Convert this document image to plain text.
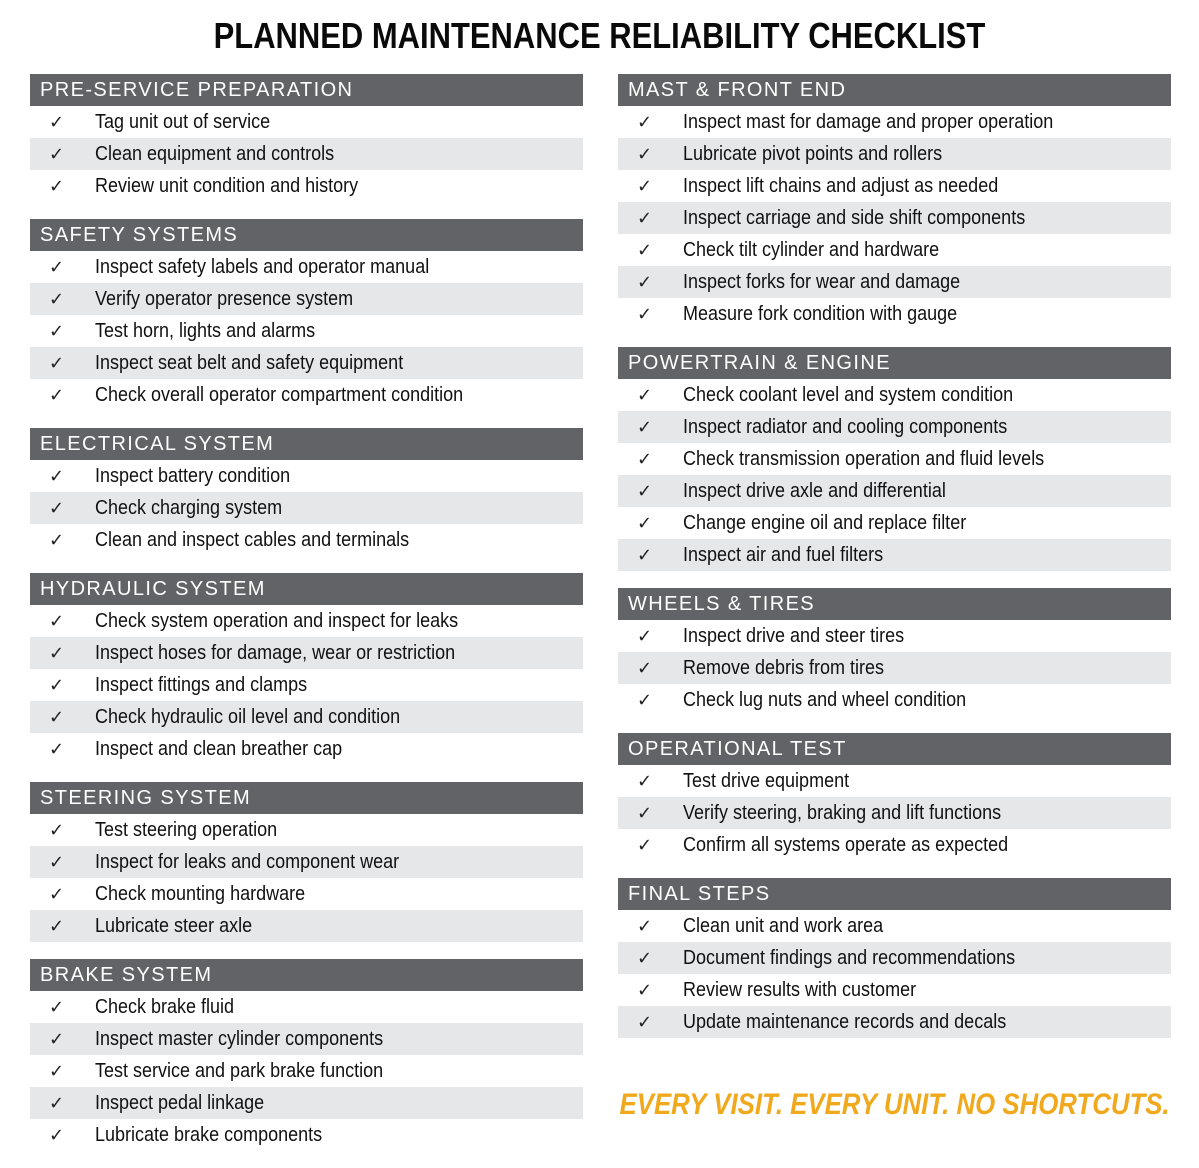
PLANNED MAINTENANCE RELIABILITY CHECKLIST
PRE-SERVICE PREPARATION
✓	Tag unit out of service
✓	Clean equipment and controls
✓	Review unit condition and history
SAFETY SYSTEMS
✓	Inspect safety labels and operator manual
✓	Verify operator presence system
✓	Test horn, lights and alarms
✓	Inspect seat belt and safety equipment
✓	Check overall operator compartment condition
ELECTRICAL SYSTEM
✓	Inspect battery condition
✓	Check charging system
✓	Clean and inspect cables and terminals
HYDRAULIC SYSTEM
✓	Check system operation and inspect for leaks
✓	Inspect hoses for damage, wear or restriction
✓	Inspect fittings and clamps
✓	Check hydraulic oil level and condition
✓	Inspect and clean breather cap
STEERING SYSTEM
✓	Test steering operation
✓	Inspect for leaks and component wear
✓	Check mounting hardware
✓	Lubricate steer axle
BRAKE SYSTEM
✓	Check brake fluid
✓	Inspect master cylinder components
✓	Test service and park brake function
✓	Inspect pedal linkage
✓	Lubricate brake components
MAST & FRONT END
✓	Inspect mast for damage and proper operation
✓	Lubricate pivot points and rollers
✓	Inspect lift chains and adjust as needed
✓	Inspect carriage and side shift components
✓	Check tilt cylinder and hardware
✓	Inspect forks for wear and damage
✓	Measure fork condition with gauge
POWERTRAIN & ENGINE
✓	Check coolant level and system condition
✓	Inspect radiator and cooling components
✓	Check transmission operation and fluid levels
✓	Inspect drive axle and differential
✓	Change engine oil and replace filter
✓	Inspect air and fuel filters
WHEELS & TIRES
✓	Inspect drive and steer tires
✓	Remove debris from tires
✓	Check lug nuts and wheel condition
OPERATIONAL TEST
✓	Test drive equipment
✓	Verify steering, braking and lift functions
✓	Confirm all systems operate as expected
FINAL STEPS
✓	Clean unit and work area
✓	Document findings and recommendations
✓	Review results with customer
✓	Update maintenance records and decals
EVERY VISIT. EVERY UNIT. NO SHORTCUTS.
